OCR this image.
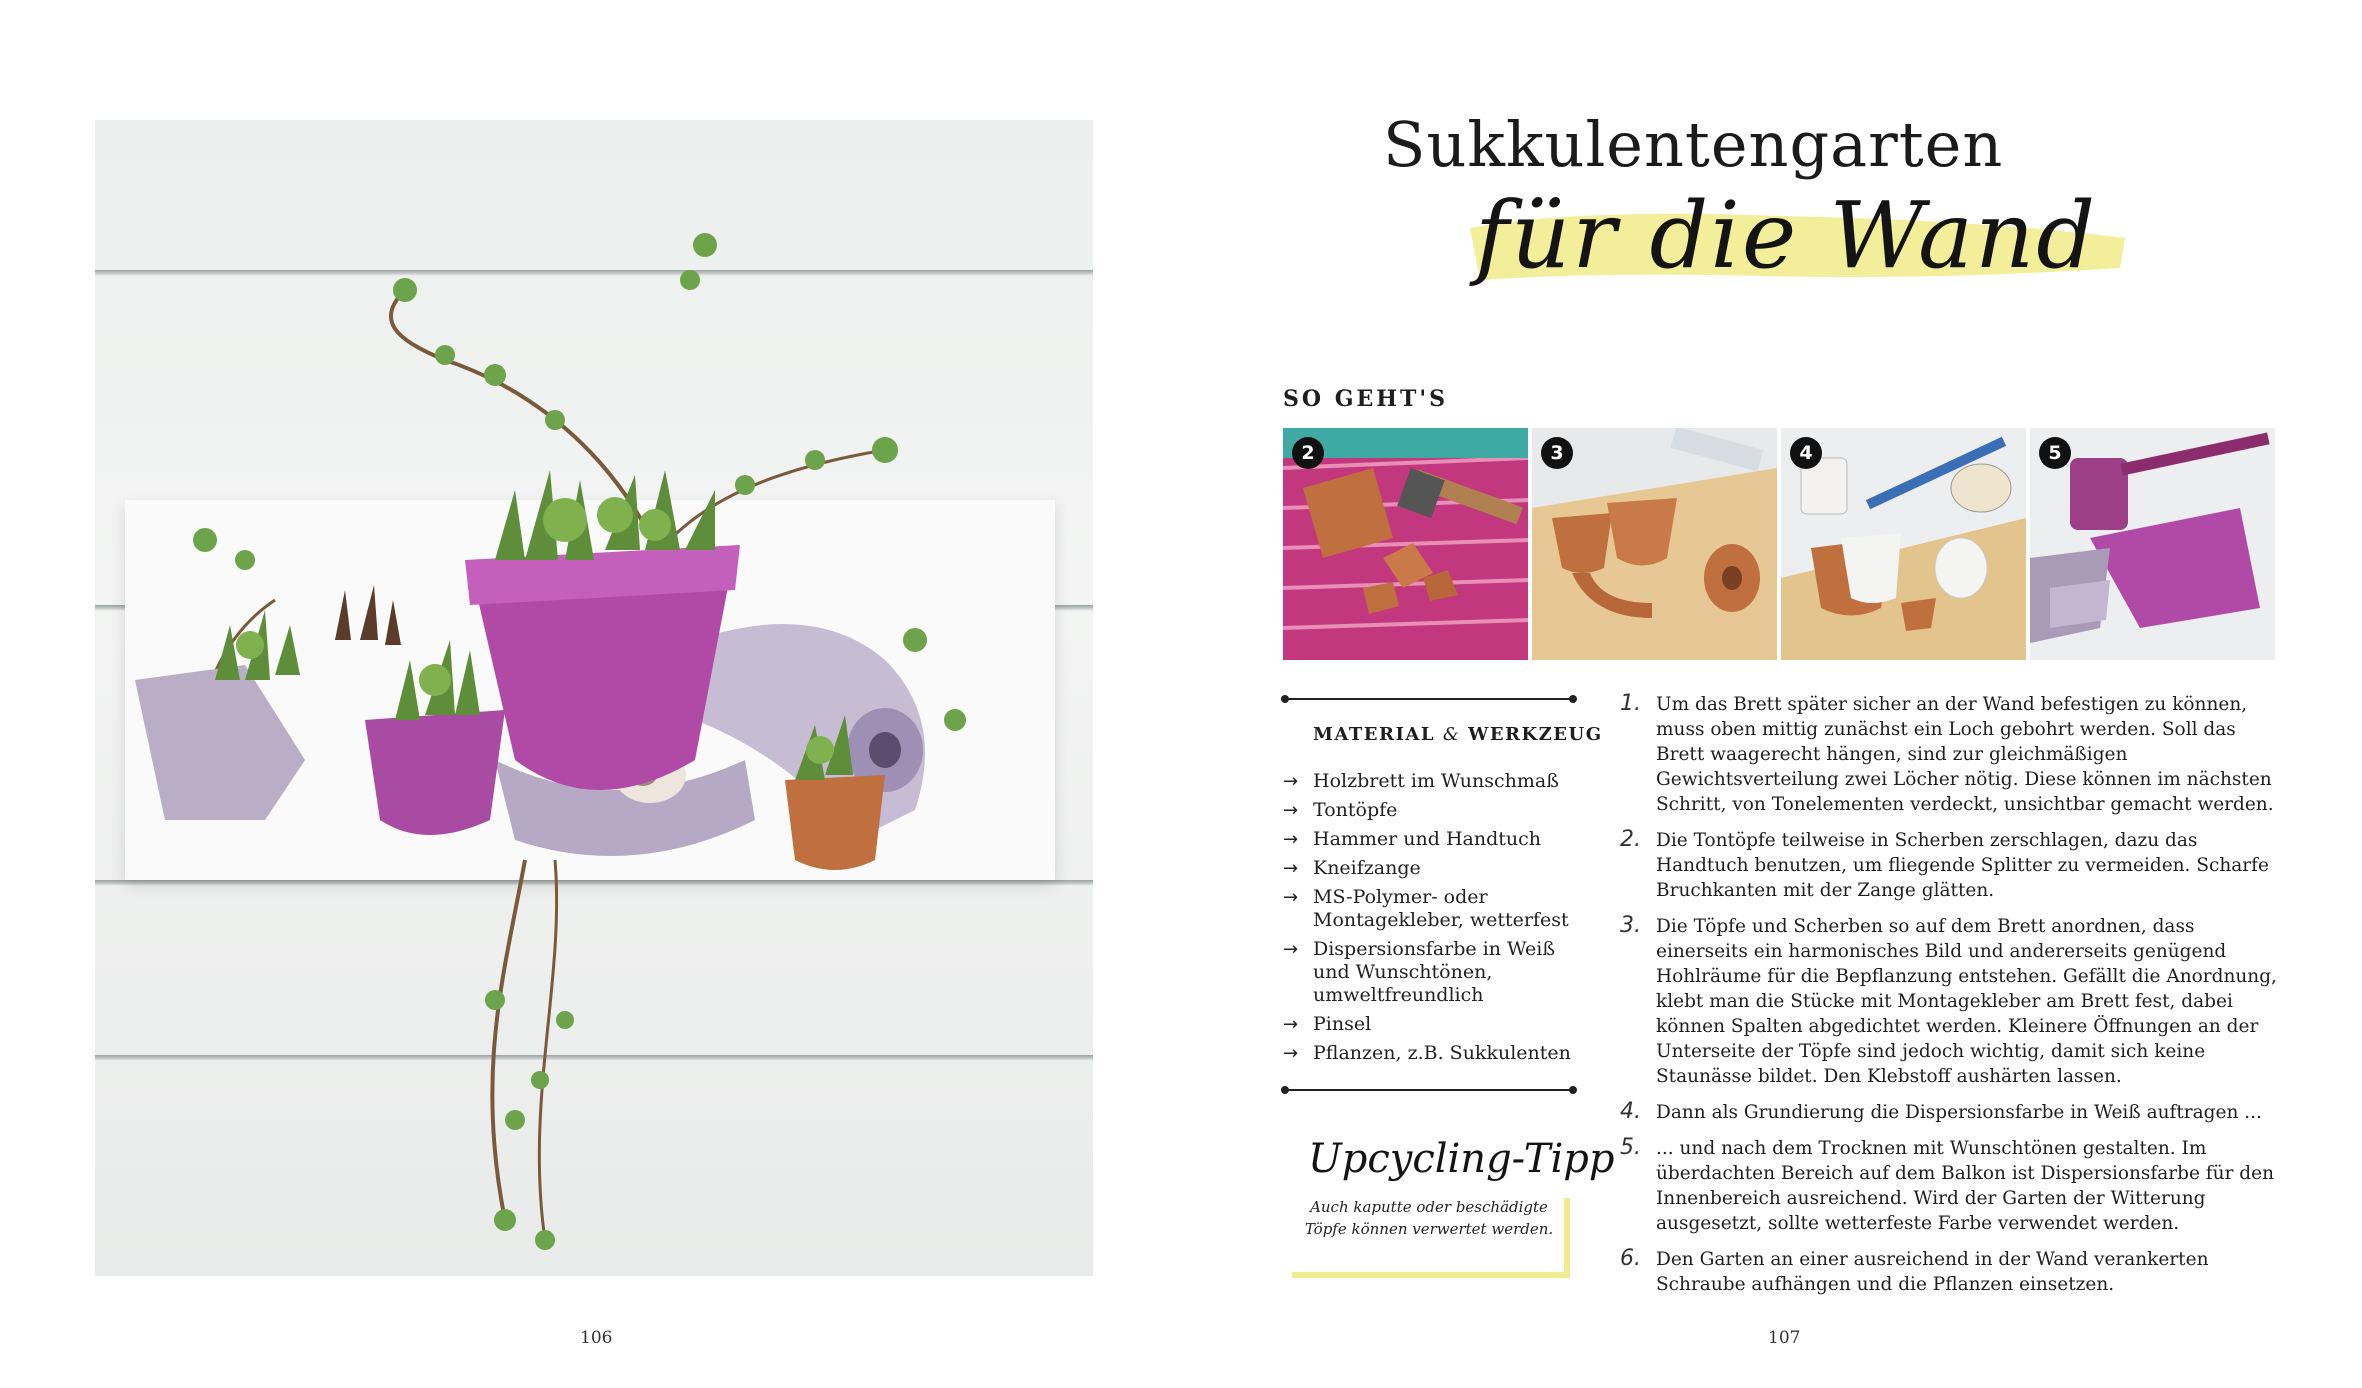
106
Sukkulentengarten
für die Wand
SO GEHT'S
2	3	4	5
MATERIAL & WERKZEUG
→ Holzbrett im Wunschmaß
→ Tontöpfe
→ Hammer und Handtuch
→ Kneifzange
→ MS-Polymer- oder Montagekleber, wetterfest
→ Dispersionsfarbe in Weiß und Wunschtönen, umweltfreundlich
→ Pinsel
→ Pflanzen, z.B. Sukkulenten
Upcycling-Tipp
Auch kaputte oder beschädigte Töpfe können verwertet werden.
1. Um das Brett später sicher an der Wand befestigen zu können, muss oben mittig zunächst ein Loch gebohrt werden. Soll das Brett waagerecht hängen, sind zur gleichmäßigen Gewichtsverteilung zwei Löcher nötig. Diese können im nächsten Schritt, von Tonelementen verdeckt, unsichtbar gemacht werden.
2. Die Tontöpfe teilweise in Scherben zerschlagen, dazu das Handtuch benutzen, um fliegende Splitter zu vermeiden. Scharfe Bruchkanten mit der Zange glätten.
3. Die Töpfe und Scherben so auf dem Brett anordnen, dass einerseits ein harmonisches Bild und andererseits genügend Hohlräume für die Bepflanzung entstehen. Gefällt die Anordnung, klebt man die Stücke mit Montagekleber am Brett fest, dabei können Spalten abgedichtet werden. Kleinere Öffnungen an der Unterseite der Töpfe sind jedoch wichtig, damit sich keine Staunässe bildet. Den Klebstoff aushärten lassen.
4. Dann als Grundierung die Dispersionsfarbe in Weiß auftragen ...
5. ... und nach dem Trocknen mit Wunschtönen gestalten. Im überdachten Bereich auf dem Balkon ist Dispersionsfarbe für den Innenbereich ausreichend. Wird der Garten der Witterung ausgesetzt, sollte wetterfeste Farbe verwendet werden.
6. Den Garten an einer ausreichend in der Wand verankerten Schraube aufhängen und die Pflanzen einsetzen.
107
